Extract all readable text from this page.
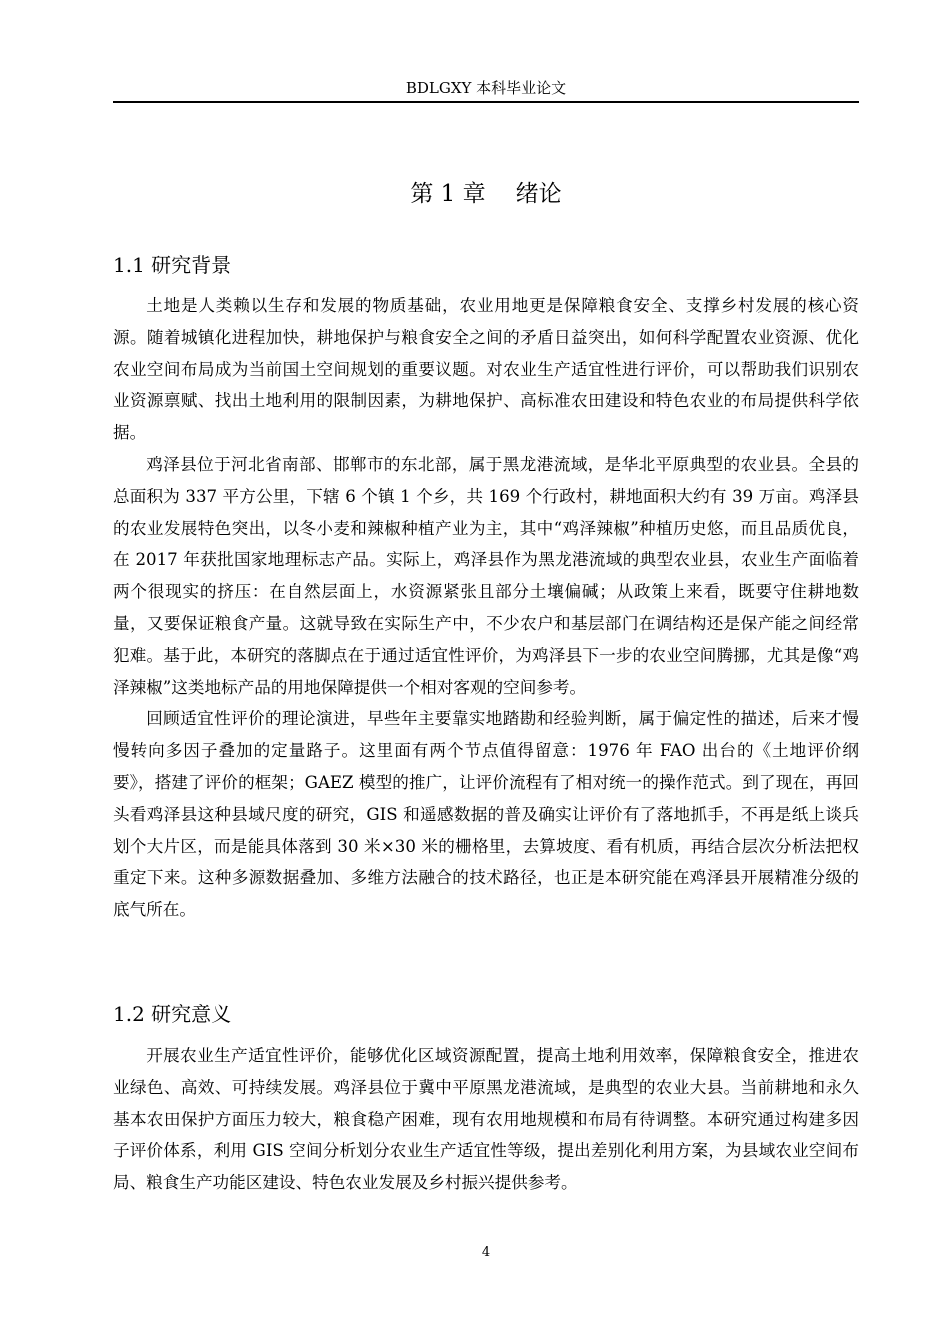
BDLGXY 本科毕业论文
第 1 章 绪论
1.1 研究背景

土地是人类赖以生存和发展的物质基础，农业用地更是保障粮食安全、支撑乡村发展的核心资源。随着城镇化进程加快，耕地保护与粮食安全之间的矛盾日益突出，如何科学配置农业资源、优化农业空间布局成为当前国土空间规划的重要议题。对农业生产适宜性进行评价，可以帮助我们识别农业资源禀赋、找出土地利用的限制因素，为耕地保护、高标准农田建设和特色农业的布局提供科学依据。

鸡泽县位于河北省南部、邯郸市的东北部，属于黑龙港流域，是华北平原典型的农业县。全县的总面积为 337 平方公里，下辖 6 个镇 1 个乡，共 169 个行政村，耕地面积大约有 39 万亩。鸡泽县的农业发展特色突出，以冬小麦和辣椒种植产业为主，其中“鸡泽辣椒”种植历史悠，而且品质优良，在 2017 年获批国家地理标志产品。实际上，鸡泽县作为黑龙港流域的典型农业县，农业生产面临着两个很现实的挤压：在自然层面上，水资源紧张且部分土壤偏碱；从政策上来看，既要守住耕地数量，又要保证粮食产量。这就导致在实际生产中，不少农户和基层部门在调结构还是保产能之间经常犯难。基于此，本研究的落脚点在于通过适宜性评价，为鸡泽县下一步的农业空间腾挪，尤其是像“鸡泽辣椒”这类地标产品的用地保障提供一个相对客观的空间参考。

回顾适宜性评价的理论演进，早些年主要靠实地踏勘和经验判断，属于偏定性的描述，后来才慢慢转向多因子叠加的定量路子。这里面有两个节点值得留意：1976 年 FAO 出台的《土地评价纲要》，搭建了评价的框架；GAEZ 模型的推广，让评价流程有了相对统一的操作范式。到了现在，再回头看鸡泽县这种县域尺度的研究，GIS 和遥感数据的普及确实让评价有了落地抓手，不再是纸上谈兵划个大片区，而是能具体落到 30 米×30 米的栅格里，去算坡度、看有机质，再结合层次分析法把权重定下来。这种多源数据叠加、多维方法融合的技术路径，也正是本研究能在鸡泽县开展精准分级的底气所在。

1.2 研究意义

开展农业生产适宜性评价，能够优化区域资源配置，提高土地利用效率，保障粮食安全，推进农业绿色、高效、可持续发展。鸡泽县位于冀中平原黑龙港流域，是典型的农业大县。当前耕地和永久基本农田保护方面压力较大，粮食稳产困难，现有农用地规模和布局有待调整。本研究通过构建多因子评价体系，利用 GIS 空间分析划分农业生产适宜性等级，提出差别化利用方案，为县域农业空间布局、粮食生产功能区建设、特色农业发展及乡村振兴提供参考。

4
